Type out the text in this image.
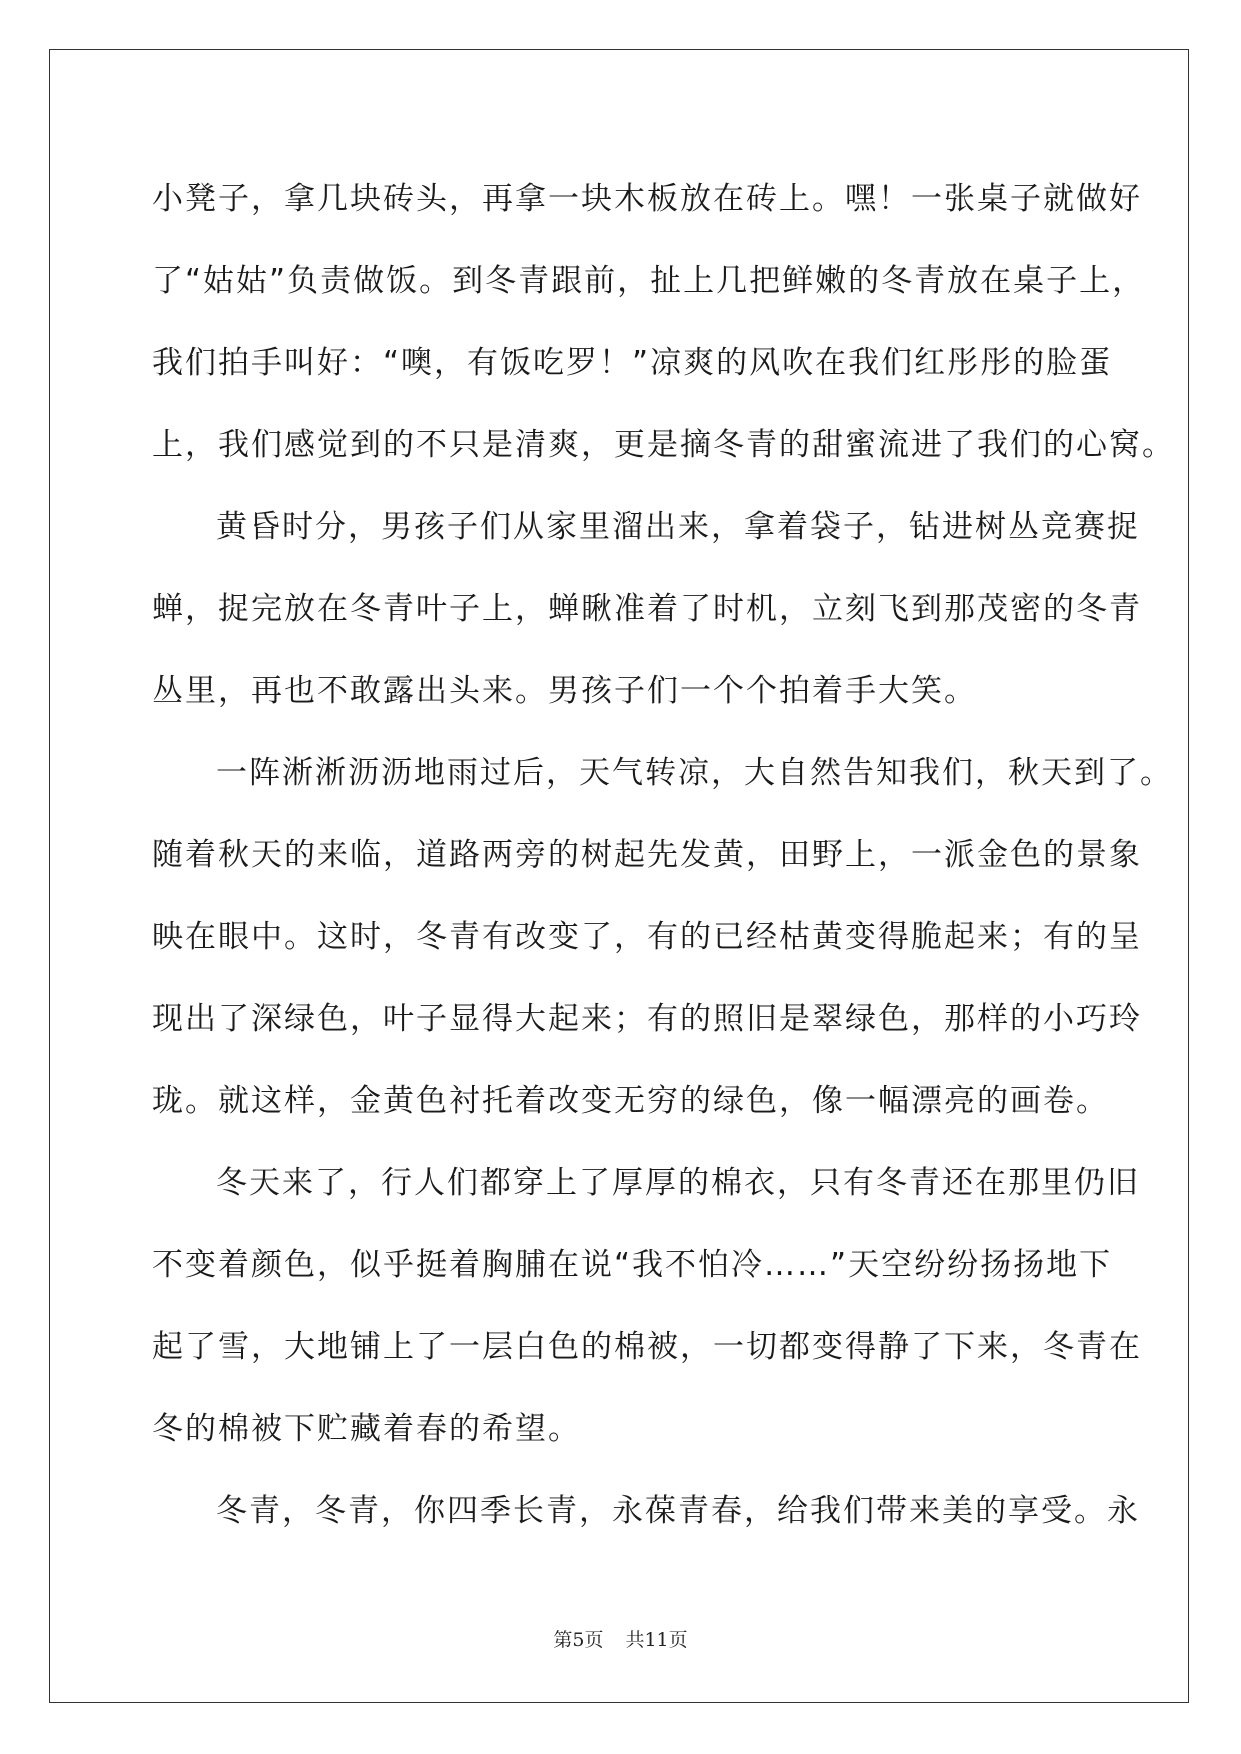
小凳子，拿几块砖头，再拿一块木板放在砖上。嘿！一张桌子就做好
了“姑姑”负责做饭。到冬青跟前，扯上几把鲜嫩的冬青放在桌子上，
我们拍手叫好：“噢，有饭吃罗！”凉爽的风吹在我们红彤彤的脸蛋
上，我们感觉到的不只是清爽，更是摘冬青的甜蜜流进了我们的心窝。
黄昏时分，男孩子们从家里溜出来，拿着袋子，钻进树丛竞赛捉
蝉，捉完放在冬青叶子上，蝉瞅准着了时机，立刻飞到那茂密的冬青
丛里，再也不敢露出头来。男孩子们一个个拍着手大笑。
一阵淅淅沥沥地雨过后，天气转凉，大自然告知我们，秋天到了。
随着秋天的来临，道路两旁的树起先发黄，田野上，一派金色的景象
映在眼中。这时，冬青有改变了，有的已经枯黄变得脆起来；有的呈
现出了深绿色，叶子显得大起来；有的照旧是翠绿色，那样的小巧玲
珑。就这样，金黄色衬托着改变无穷的绿色，像一幅漂亮的画卷。
冬天来了，行人们都穿上了厚厚的棉衣，只有冬青还在那里仍旧
不变着颜色，似乎挺着胸脯在说“我不怕冷……”天空纷纷扬扬地下
起了雪，大地铺上了一层白色的棉被，一切都变得静了下来，冬青在
冬的棉被下贮藏着春的希望。
冬青，冬青，你四季长青，永葆青春，给我们带来美的享受。永
第5页 共11页
